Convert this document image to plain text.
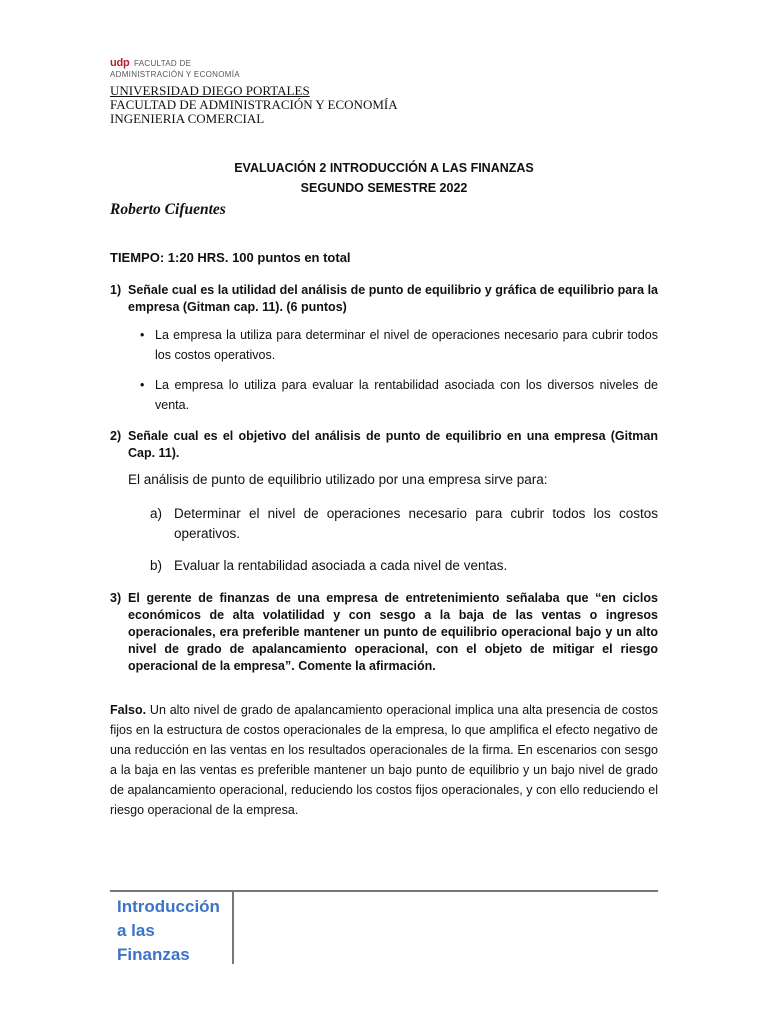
udp FACULTAD DE
ADMINISTRACIÓN Y ECONOMÍA
UNIVERSIDAD DIEGO PORTALES
FACULTAD DE ADMINISTRACIÓN Y ECONOMÍA
INGENIERIA COMERCIAL
EVALUACIÓN 2 INTRODUCCIÓN A LAS FINANZAS
SEGUNDO SEMESTRE 2022
Roberto Cifuentes
TIEMPO: 1:20 HRS. 100 puntos en total
1) Señale cual es la utilidad del análisis de punto de equilibrio y gráfica de equilibrio para la empresa (Gitman cap. 11). (6 puntos)
• La empresa la utiliza para determinar el nivel de operaciones necesario para cubrir todos los costos operativos.
• La empresa lo utiliza para evaluar la rentabilidad asociada con los diversos niveles de venta.
2) Señale cual es el objetivo del análisis de punto de equilibrio en una empresa (Gitman Cap. 11).
El análisis de punto de equilibrio utilizado por una empresa sirve para:
a) Determinar el nivel de operaciones necesario para cubrir todos los costos operativos.
b) Evaluar la rentabilidad asociada a cada nivel de ventas.
3) El gerente de finanzas de una empresa de entretenimiento señalaba que “en ciclos económicos de alta volatilidad y con sesgo a la baja de las ventas o ingresos operacionales, era preferible mantener un punto de equilibrio operacional bajo y un alto nivel de grado de apalancamiento operacional, con el objeto de mitigar el riesgo operacional de la empresa”. Comente la afirmación.
Falso. Un alto nivel de grado de apalancamiento operacional implica una alta presencia de costos fijos en la estructura de costos operacionales de la empresa, lo que amplifica el efecto negativo de una reducción en las ventas en los resultados operacionales de la firma. En escenarios con sesgo a la baja en las ventas es preferible mantener un bajo punto de equilibrio y un bajo nivel de grado de apalancamiento operacional, reduciendo los costos fijos operacionales, y con ello reduciendo el riesgo operacional de la empresa.
Introducción
a las
Finanzas
